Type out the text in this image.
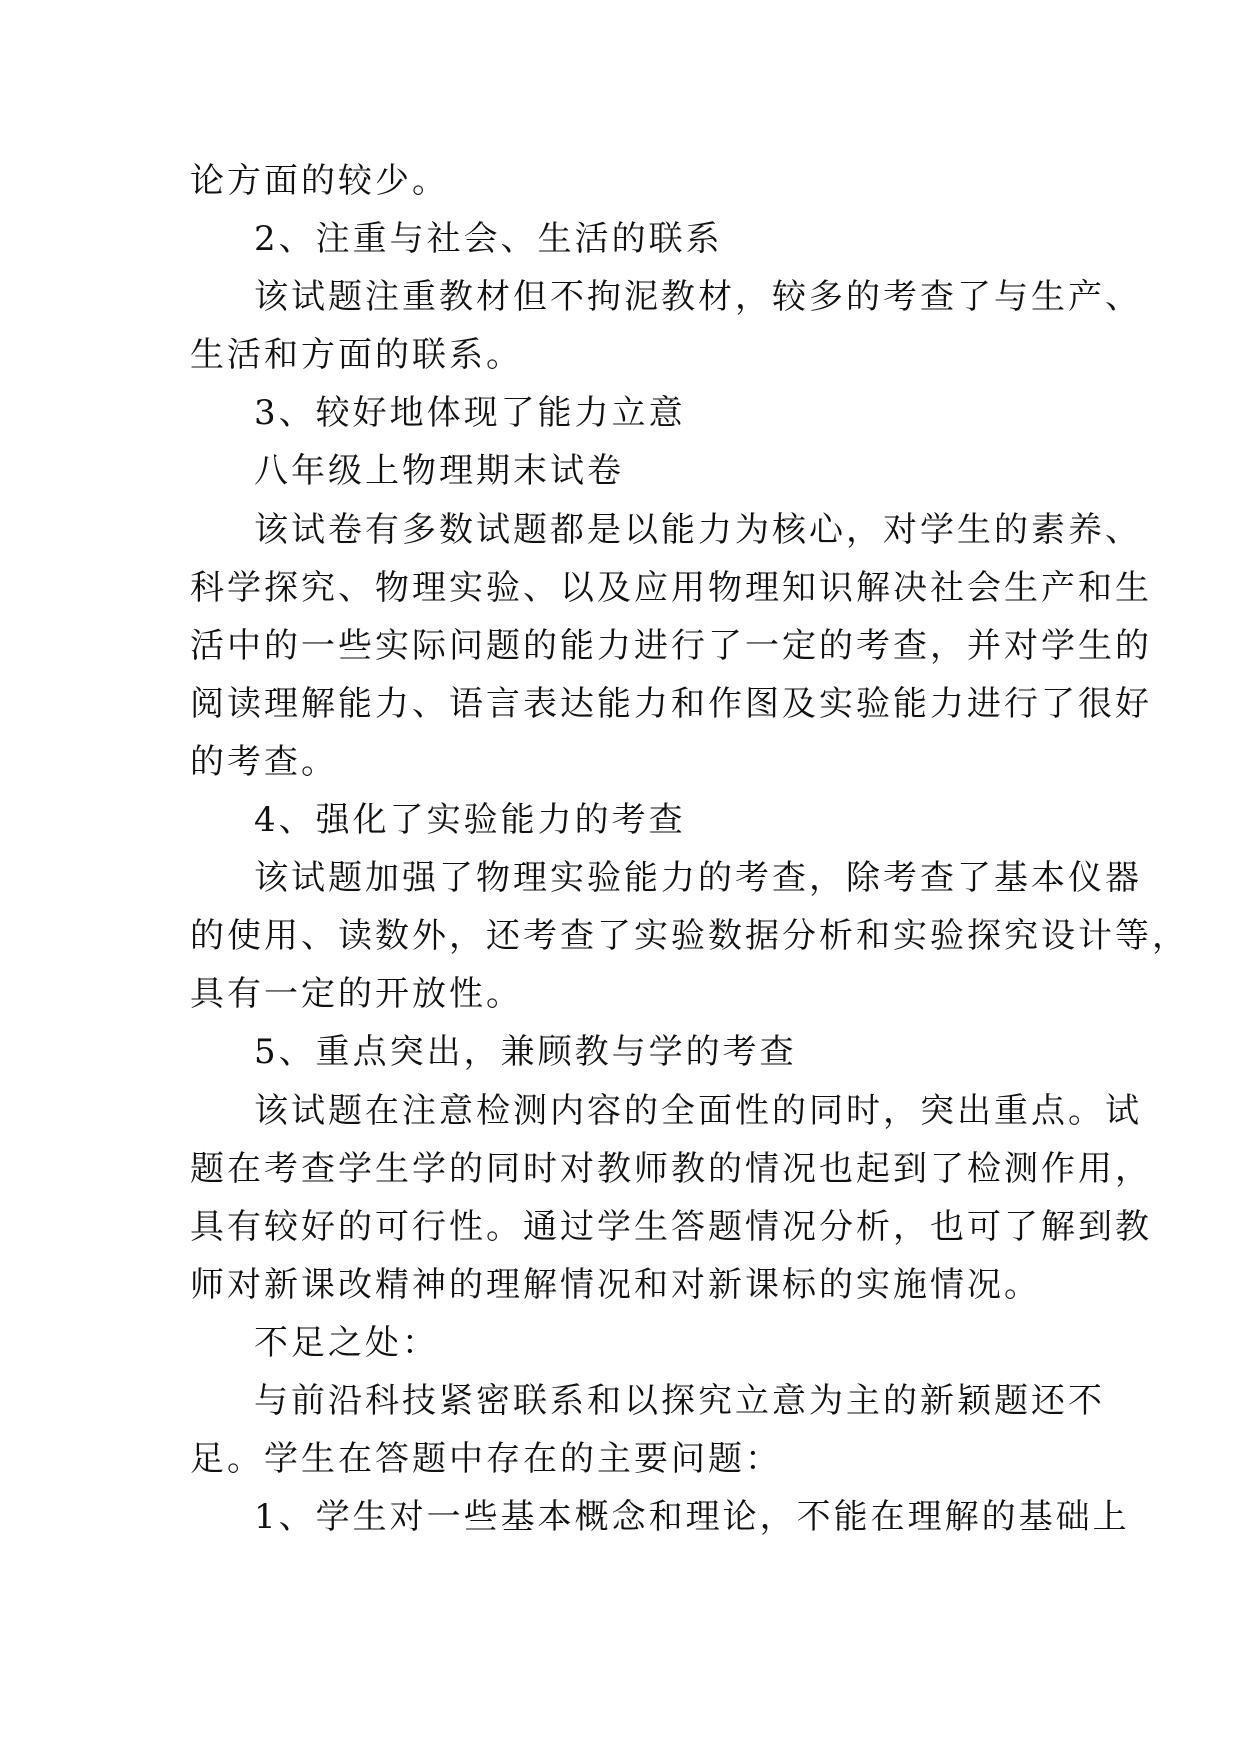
论方面的较少。
2、注重与社会、生活的联系
该试题注重教材但不拘泥教材，较多的考查了与生产、
生活和方面的联系。
3、较好地体现了能力立意
八年级上物理期末试卷
该试卷有多数试题都是以能力为核心，对学生的素养、
科学探究、物理实验、以及应用物理知识解决社会生产和生
活中的一些实际问题的能力进行了一定的考查，并对学生的
阅读理解能力、语言表达能力和作图及实验能力进行了很好
的考查。
4、强化了实验能力的考查
该试题加强了物理实验能力的考查，除考查了基本仪器
的使用、读数外，还考查了实验数据分析和实验探究设计等，
具有一定的开放性。
5、重点突出，兼顾教与学的考查
该试题在注意检测内容的全面性的同时，突出重点。试
题在考查学生学的同时对教师教的情况也起到了检测作用，
具有较好的可行性。通过学生答题情况分析，也可了解到教
师对新课改精神的理解情况和对新课标的实施情况。
不足之处：
与前沿科技紧密联系和以探究立意为主的新颖题还不
足。学生在答题中存在的主要问题：
1、学生对一些基本概念和理论，不能在理解的基础上
